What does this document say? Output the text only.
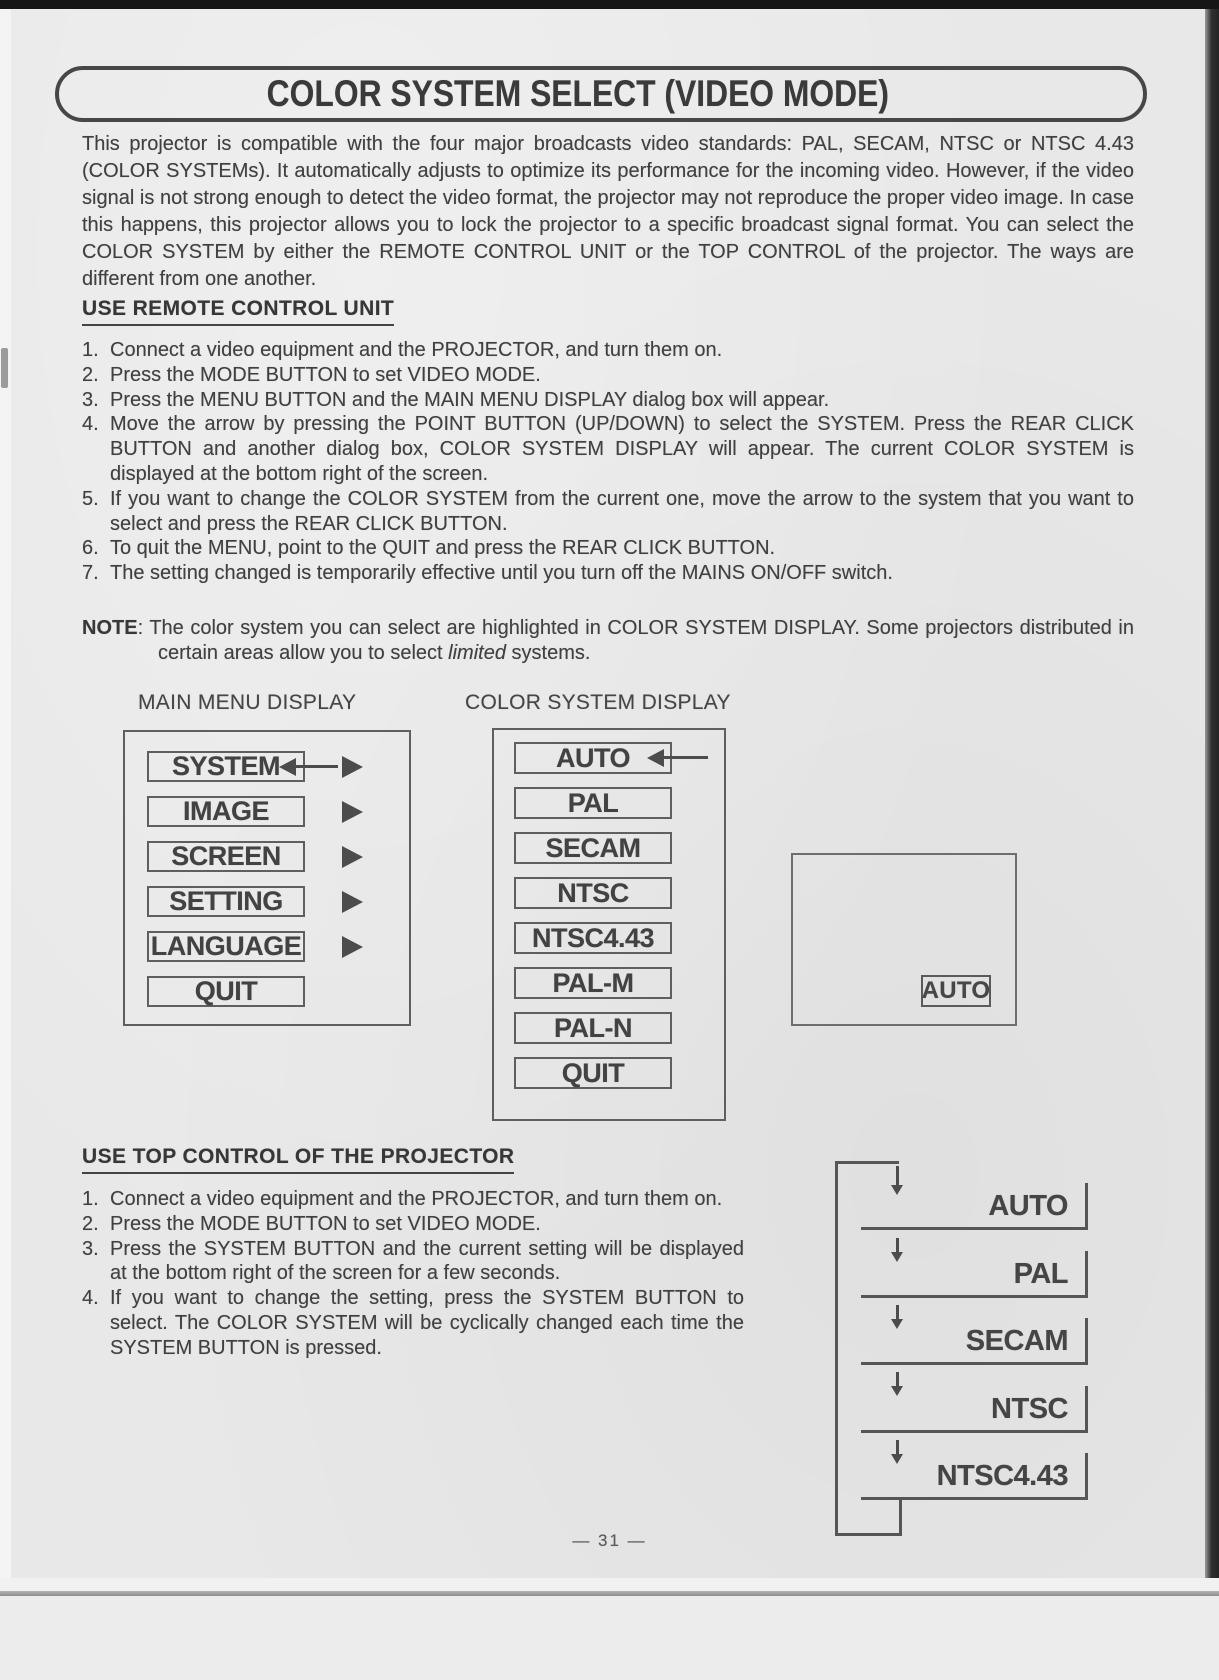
COLOR SYSTEM SELECT (VIDEO MODE)
This projector is compatible with the four major broadcasts video standards: PAL, SECAM, NTSC or NTSC 4.43 (COLOR SYSTEMs). It automatically adjusts to optimize its performance for the incoming video. However, if the video signal is not strong enough to detect the video format, the projector may not reproduce the proper video image. In case this happens, this projector allows you to lock the projector to a specific broadcast signal format. You can select the COLOR SYSTEM by either the REMOTE CONTROL UNIT or the TOP CONTROL of the projector. The ways are different from one another.
USE REMOTE CONTROL UNIT
1. Connect a video equipment and the PROJECTOR, and turn them on.
2. Press the MODE BUTTON to set VIDEO MODE.
3. Press the MENU BUTTON and the MAIN MENU DISPLAY dialog box will appear.
4. Move the arrow by pressing the POINT BUTTON (UP/DOWN) to select the SYSTEM. Press the REAR CLICK BUTTON and another dialog box, COLOR SYSTEM DISPLAY will appear. The current COLOR SYSTEM is displayed at the bottom right of the screen.
5. If you want to change the COLOR SYSTEM from the current one, move the arrow to the system that you want to select and press the REAR CLICK BUTTON.
6. To quit the MENU, point to the QUIT and press the REAR CLICK BUTTON.
7. The setting changed is temporarily effective until you turn off the MAINS ON/OFF switch.
NOTE: The color system you can select are highlighted in COLOR SYSTEM DISPLAY. Some projectors distributed in certain areas allow you to select limited systems.
MAIN MENU DISPLAY	COLOR SYSTEM DISPLAY
SYSTEM
IMAGE
SCREEN
SETTING
LANGUAGE
QUIT
AUTO
PAL
SECAM
NTSC
NTSC4.43
PAL-M
PAL-N
QUIT
AUTO
USE TOP CONTROL OF THE PROJECTOR
1. Connect a video equipment and the PROJECTOR, and turn them on.
2. Press the MODE BUTTON to set VIDEO MODE.
3. Press the SYSTEM BUTTON and the current setting will be displayed at the bottom right of the screen for a few seconds.
4. If you want to change the setting, press the SYSTEM BUTTON to select. The COLOR SYSTEM will be cyclically changed each time the SYSTEM BUTTON is pressed.
AUTO
PAL
SECAM
NTSC
NTSC4.43
— 31 —
